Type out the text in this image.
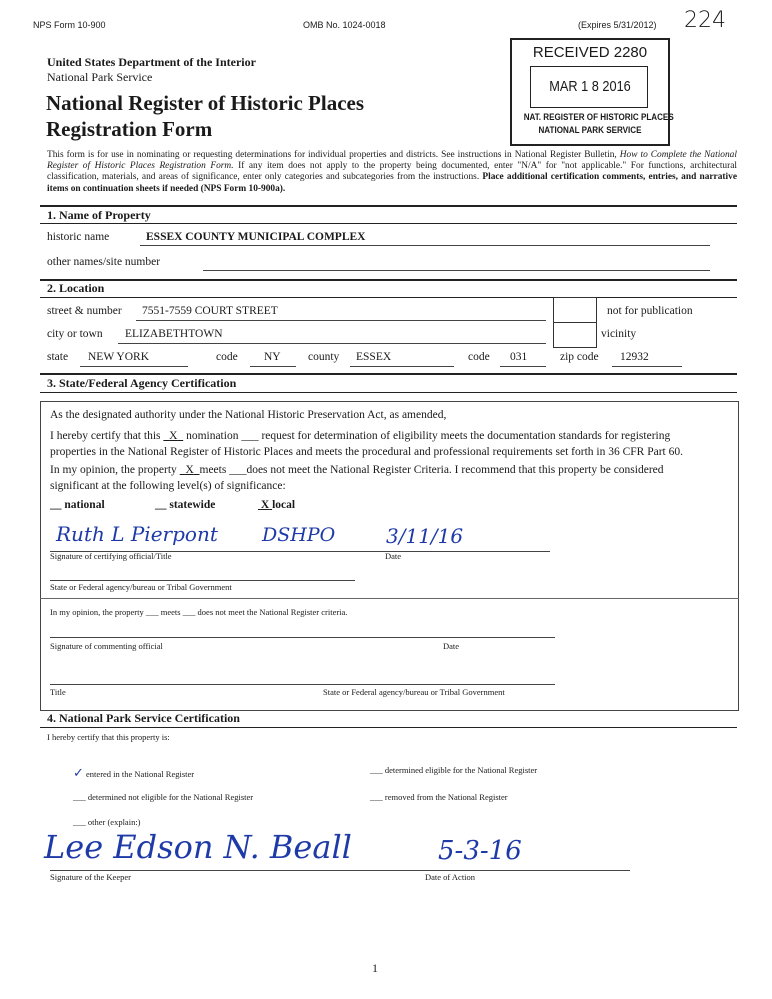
NPS Form 10-900	OMB No. 1024-0018	(Expires 5/31/2012) 224
RECEIVED 2280
MAR 1 8 2016
NAT. REGISTER OF HISTORIC PLACES
NATIONAL PARK SERVICE
United States Department of the Interior
National Park Service
National Register of Historic Places
Registration Form
This form is for use in nominating or requesting determinations for individual properties and districts. See instructions in National Register Bulletin, How to Complete the National Register of Historic Places Registration Form. If any item does not apply to the property being documented, enter "N/A" for "not applicable." For functions, architectural classification, materials, and areas of significance, enter only categories and subcategories from the instructions. Place additional certification comments, entries, and narrative items on continuation sheets if needed (NPS Form 10-900a).
1. Name of Property
historic name	ESSEX COUNTY MUNICIPAL COMPLEX
other names/site number
2. Location
street & number 7551-7559 COURT STREET	not for publication
city or town ELIZABETHTOWN	vicinity
state NEW YORK	code NY county ESSEX	code 031	zip code 12932
3. State/Federal Agency Certification
As the designated authority under the National Historic Preservation Act, as amended,
I hereby certify that this   X   nomination ___ request for determination of eligibility meets the documentation standards for registering
properties in the National Register of Historic Places and meets the procedural and professional requirements set forth in 36 CFR Part 60.
In my opinion, the property   X meets ___does not meet the National Register Criteria. I recommend that this property be considered
significant at the following level(s) of significance:
__ national	__ statewide	X local
Ruth L Pierpont DSHPO	3/11/16
Signature of certifying official/Title	Date
State or Federal agency/bureau or Tribal Government
In my opinion, the property ___ meets ___ does not meet the National Register criteria.
Signature of commenting official	Date
Title	State or Federal agency/bureau or Tribal Government
4. National Park Service Certification
I hereby certify that this property is:
✓ entered in the National Register	___ determined eligible for the National Register
___ determined not eligible for the National Register	___ removed from the National Register
___ other (explain:)
Lee Edson N. Beall	5-3-16
Signature of the Keeper	Date of Action
1
